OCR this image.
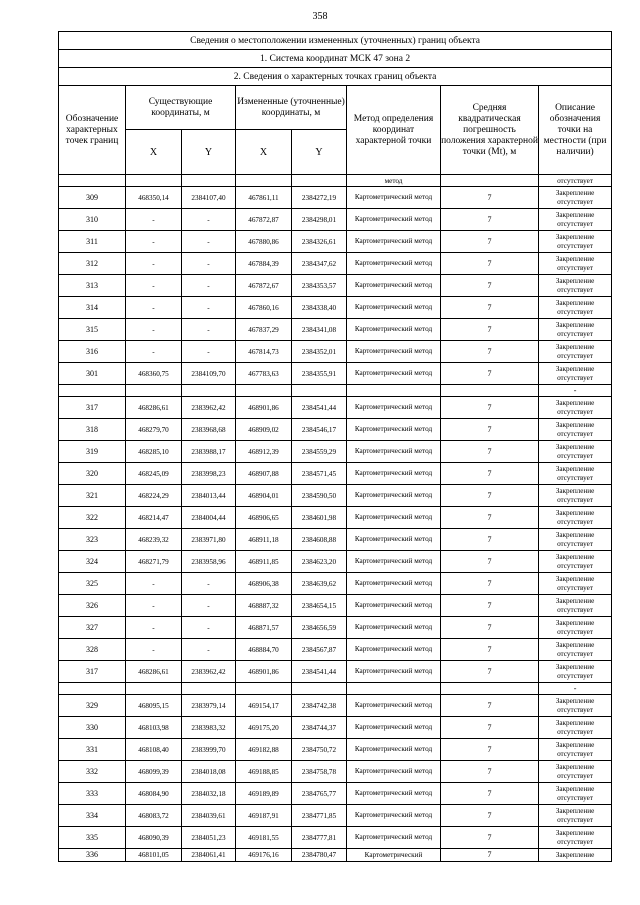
358
Сведения о местоположении измененных (уточненных) границ объекта							
1. Система координат МСК 47 зона 2							
2. Сведения о характерных точках границ объекта							
Обозначение характерных точек границ	Существующие координаты, м		Измененные (уточненные) координаты, м		Метод определения координат характерной точки	Средняя квадратическая погрешность положения характерной точки (Mt), м	Описание обозначения точки на местности (при наличии)
	X	Y	X	Y			
					метод		отсутствует
309	468350,14	2384107,40	467861,11	2384272,19	Картометрический метод	7	Закрепление отсутствует
310	-	-	467872,87	2384298,01	Картометрический метод	7	Закрепление отсутствует
311	-	-	467880,86	2384326,61	Картометрический метод	7	Закрепление отсутствует
312	-	-	467884,39	2384347,62	Картометрический метод	7	Закрепление отсутствует
313	-	-	467872,67	2384353,57	Картометрический метод	7	Закрепление отсутствует
314	-	-	467860,16	2384338,40	Картометрический метод	7	Закрепление отсутствует
315	-	-	467837,29	2384341,08	Картометрический метод	7	Закрепление отсутствует
316	-	-	467814,73	2384352,01	Картометрический метод	7	Закрепление отсутствует
301	468360,75	2384109,70	467783,63	2384355,91	Картометрический метод	7	Закрепление отсутствует
							-
317	468286,61	2383962,42	468901,86	2384541,44	Картометрический метод	7	Закрепление отсутствует
318	468279,70	2383968,68	468909,02	2384546,17	Картометрический метод	7	Закрепление отсутствует
319	468285,10	2383988,17	468912,39	2384559,29	Картометрический метод	7	Закрепление отсутствует
320	468245,09	2383998,23	468907,88	2384571,45	Картометрический метод	7	Закрепление отсутствует
321	468224,29	2384013,44	468904,01	2384590,50	Картометрический метод	7	Закрепление отсутствует
322	468214,47	2384004,44	468906,65	2384601,98	Картометрический метод	7	Закрепление отсутствует
323	468239,32	2383971,80	468911,18	2384608,88	Картометрический метод	7	Закрепление отсутствует
324	468271,79	2383958,96	468911,85	2384623,20	Картометрический метод	7	Закрепление отсутствует
325	-	-	468906,38	2384639,62	Картометрический метод	7	Закрепление отсутствует
326	-	-	468887,32	2384654,15	Картометрический метод	7	Закрепление отсутствует
327	-	-	468871,57	2384656,59	Картометрический метод	7	Закрепление отсутствует
328	-	-	468884,70	2384567,87	Картометрический метод	7	Закрепление отсутствует
317	468286,61	2383962,42	468901,86	2384541,44	Картометрический метод	7	Закрепление отсутствует
							-
329	468095,15	2383979,14	469154,17	2384742,38	Картометрический метод	7	Закрепление отсутствует
330	468103,98	2383983,32	469175,20	2384744,37	Картометрический метод	7	Закрепление отсутствует
331	468108,40	2383999,70	469182,88	2384750,72	Картометрический метод	7	Закрепление отсутствует
332	468099,39	2384018,08	469188,85	2384758,78	Картометрический метод	7	Закрепление отсутствует
333	468084,90	2384032,18	469189,89	2384765,77	Картометрический метод	7	Закрепление отсутствует
334	468083,72	2384039,61	469187,91	2384771,85	Картометрический метод	7	Закрепление отсутствует
335	468090,39	2384051,23	469181,55	2384777,81	Картометрический метод	7	Закрепление отсутствует
336	468101,05	2384061,41	469176,16	2384780,47	Картометрический	7	Закрепление
